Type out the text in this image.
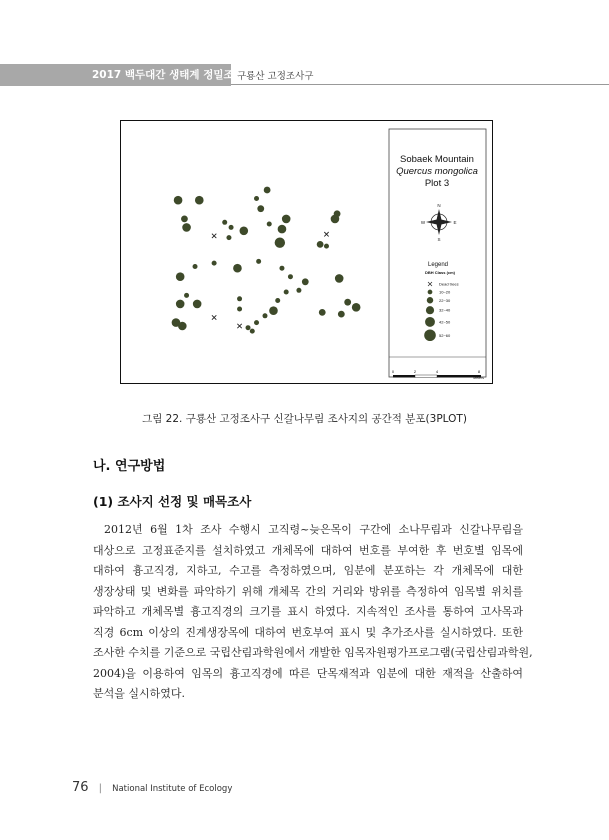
2017 백두대간 생태계 정밀조사
구룡산 고정조사구
Sobaek Mountain
Quercus mongolica
Plot 3
N
S
E
W
Legend
DBH Class (cm)
Dead trees
10~20
22~30
32~40
42~50
52~60
0	2	4	8
Meters
그림 22. 구룡산 고정조사구 신갈나무림 조사지의 공간적 분포(3PLOT)
나. 연구방법
(1) 조사지 선정 및 매목조사
2012년 6월 1차 조사 수행시 고직령~늦은목이 구간에 소나무림과 신갈나무림을
대상으로 고정표준지를 설치하였고 개체목에 대하여 번호를 부여한 후 번호별 임목에
대하여 흉고직경, 지하고, 수고를 측정하였으며, 임분에 분포하는 각 개체목에 대한
생장상태 및 변화를 파악하기 위해 개체목 간의 거리와 방위를 측정하여 임목별 위치를
파악하고 개체목별 흉고직경의 크기를 표시 하였다. 지속적인 조사를 통하여 고사목과
직경 6cm 이상의 진계생장목에 대하여 번호부여 표시 및 추가조사를 실시하였다. 또한
조사한 수치를 기준으로 국립산림과학원에서 개발한 임목자원평가프로그램(국립산림과학원,
2004)을 이용하여 임목의 흉고직경에 따른 단목재적과 임분에 대한 재적을 산출하여
분석을 실시하였다.
76 | National Institute of Ecology
